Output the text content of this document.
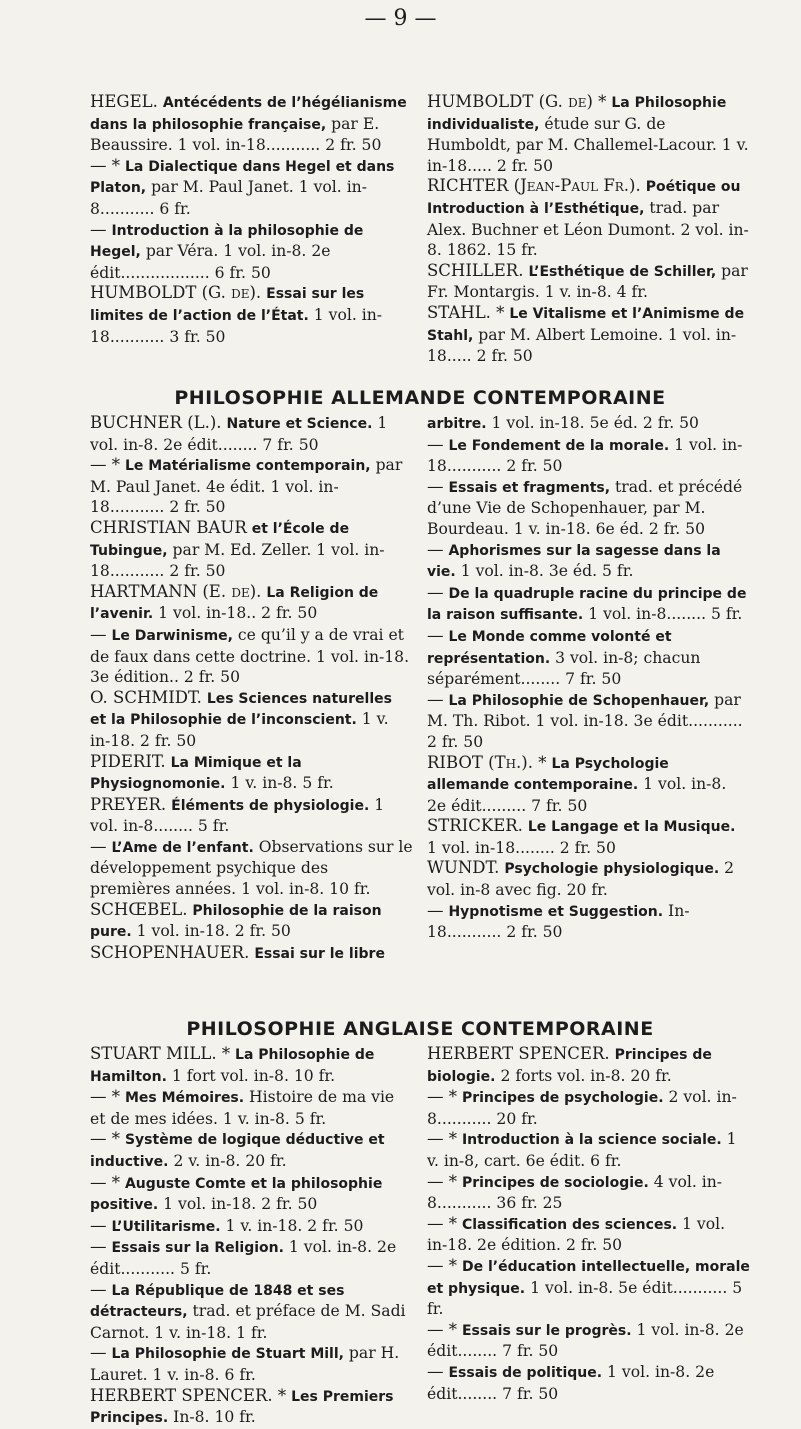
— 9 —

HEGEL. Antécédents de l’hégélianisme dans la philosophie française, par E. Beaussire. 1 vol. in-18........... 2 fr. 50

— * La Dialectique dans Hegel et dans Platon, par M. Paul Janet. 1 vol. in-8........... 6 fr.

— Introduction à la philosophie de Hegel, par Véra. 1 vol. in-8. 2e édit.................. 6 fr. 50

HUMBOLDT (G. de). Essai sur les limites de l’action de l’État. 1 vol. in-18........... 3 fr. 50

HUMBOLDT (G. de) * La Philosophie individualiste, étude sur G. de Humboldt, par M. Challemel-Lacour. 1 v. in-18..... 2 fr. 50

RICHTER (Jean-Paul Fr.). Poétique ou Introduction à l’Esthétique, trad. par Alex. Buchner et Léon Dumont. 2 vol. in-8. 1862. 15 fr.

SCHILLER. L’Esthétique de Schiller, par Fr. Montargis. 1 v. in-8. 4 fr.

STAHL. * Le Vitalisme et l’Animisme de Stahl, par M. Albert Lemoine. 1 vol. in-18..... 2 fr. 50

PHILOSOPHIE ALLEMANDE CONTEMPORAINE

BUCHNER (L.). Nature et Science. 1 vol. in-8. 2e édit........ 7 fr. 50

— * Le Matérialisme contemporain, par M. Paul Janet. 4e édit. 1 vol. in-18........... 2 fr. 50

CHRISTIAN BAUR et l’École de Tubingue, par M. Ed. Zeller. 1 vol. in-18........... 2 fr. 50

HARTMANN (E. de). La Religion de l’avenir. 1 vol. in-18.. 2 fr. 50

— Le Darwinisme, ce qu’il y a de vrai et de faux dans cette doctrine. 1 vol. in-18. 3e édition.. 2 fr. 50

O. SCHMIDT. Les Sciences naturelles et la Philosophie de l’inconscient. 1 v. in-18. 2 fr. 50

PIDERIT. La Mimique et la Physiognomonie. 1 v. in-8. 5 fr.

PREYER. Éléments de physiologie. 1 vol. in-8........ 5 fr.

— L’Ame de l’enfant. Observations sur le développement psychique des premières années. 1 vol. in-8. 10 fr.

SCHŒBEL. Philosophie de la raison pure. 1 vol. in-18. 2 fr. 50

SCHOPENHAUER. Essai sur le libre

arbitre. 1 vol. in-18. 5e éd. 2 fr. 50

— Le Fondement de la morale. 1 vol. in-18........... 2 fr. 50

— Essais et fragments, trad. et précédé d’une Vie de Schopenhauer, par M. Bourdeau. 1 v. in-18. 6e éd. 2 fr. 50

— Aphorismes sur la sagesse dans la vie. 1 vol. in-8. 3e éd. 5 fr.

— De la quadruple racine du principe de la raison suffisante. 1 vol. in-8........ 5 fr.

— Le Monde comme volonté et représentation. 3 vol. in-8; chacun séparément........ 7 fr. 50

— La Philosophie de Schopenhauer, par M. Th. Ribot. 1 vol. in-18. 3e édit........... 2 fr. 50

RIBOT (Th.). * La Psychologie allemande contemporaine. 1 vol. in-8. 2e édit......... 7 fr. 50

STRICKER. Le Langage et la Musique. 1 vol. in-18........ 2 fr. 50

WUNDT. Psychologie physiologique. 2 vol. in-8 avec fig. 20 fr.

— Hypnotisme et Suggestion. In-18........... 2 fr. 50

PHILOSOPHIE ANGLAISE CONTEMPORAINE

STUART MILL. * La Philosophie de Hamilton. 1 fort vol. in-8. 10 fr.

— * Mes Mémoires. Histoire de ma vie et de mes idées. 1 v. in-8. 5 fr.

— * Système de logique déductive et inductive. 2 v. in-8. 20 fr.

— * Auguste Comte et la philosophie positive. 1 vol. in-18. 2 fr. 50

— L’Utilitarisme. 1 v. in-18. 2 fr. 50

— Essais sur la Religion. 1 vol. in-8. 2e édit........... 5 fr.

— La République de 1848 et ses détracteurs, trad. et préface de M. Sadi Carnot. 1 v. in-18. 1 fr.

— La Philosophie de Stuart Mill, par H. Lauret. 1 v. in-8. 6 fr.

HERBERT SPENCER. * Les Premiers Principes. In-8. 10 fr.

HERBERT SPENCER. Principes de biologie. 2 forts vol. in-8. 20 fr.

— * Principes de psychologie. 2 vol. in-8........... 20 fr.

— * Introduction à la science sociale. 1 v. in-8, cart. 6e édit. 6 fr.

— * Principes de sociologie. 4 vol. in-8........... 36 fr. 25

— * Classification des sciences. 1 vol. in-18. 2e édition. 2 fr. 50

— * De l’éducation intellectuelle, morale et physique. 1 vol. in-8. 5e édit........... 5 fr.

— * Essais sur le progrès. 1 vol. in-8. 2e édit........ 7 fr. 50

— Essais de politique. 1 vol. in-8. 2e édit........ 7 fr. 50
